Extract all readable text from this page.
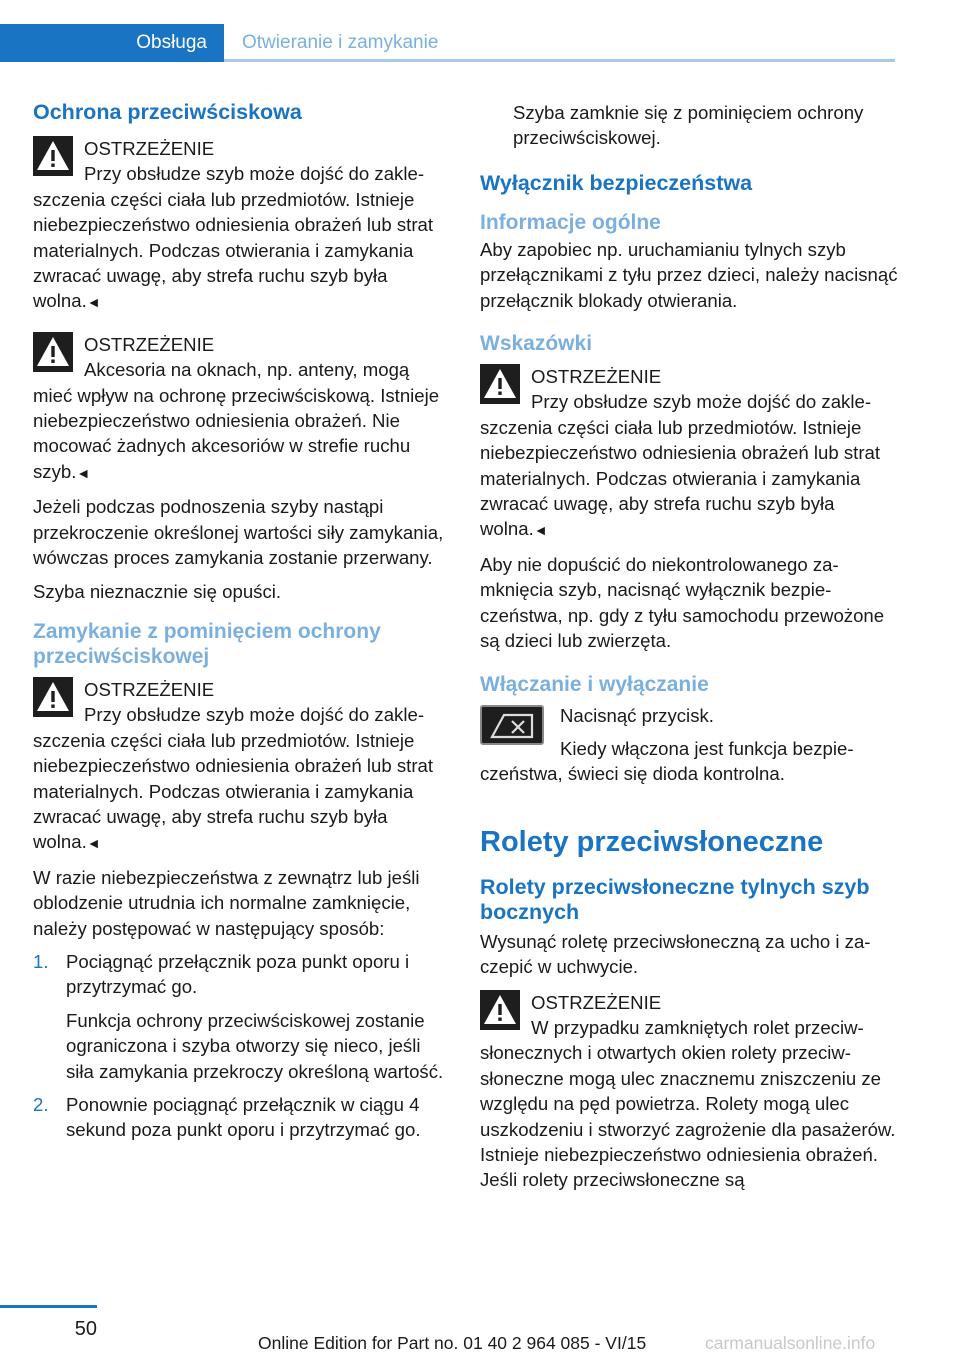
Obsługa	Otwieranie i zamykanie
Ochrona przeciwściskowa
OSTRZEŻENIE
Przy obsłudze szyb może dojść do zakleszczenia części ciała lub przedmiotów. Istnieje niebezpieczeństwo odniesienia obrażeń lub strat materialnych. Podczas otwierania i zamykania zwracać uwagę, aby strefa ruchu szyb była wolna.◄
OSTRZEŻENIE
Akcesoria na oknach, np. anteny, mogą mieć wpływ na ochronę przeciwściskową. Istnieje niebezpieczeństwo odniesienia obrażeń. Nie mocować żadnych akcesoriów w strefie ruchu szyb.◄

Jeżeli podczas podnoszenia szyby nastąpi przekroczenie określonej wartości siły zamykania, wówczas proces zamykania zostanie przerwany.

Szyba nieznacznie się opuści.

Zamykanie z pominięciem ochrony przeciwściskowej
OSTRZEŻENIE
Przy obsłudze szyb może dojść do zakleszczenia części ciała lub przedmiotów. Istnieje niebezpieczeństwo odniesienia obrażeń lub strat materialnych. Podczas otwierania i zamykania zwracać uwagę, aby strefa ruchu szyb była wolna.◄

W razie niebezpieczeństwa z zewnątrz lub jeśli oblodzenie utrudnia ich normalne zamknięcie, należy postępować w następujący sposób:

1. Pociągnąć przełącznik poza punkt oporu i przytrzymać go.

Funkcja ochrony przeciwściskowej zostanie ograniczona i szyba otworzy się nieco, jeśli siła zamykania przekroczy określoną wartość.

2. Ponownie pociągnąć przełącznik w ciągu 4 sekund poza punkt oporu i przytrzymać go.

Szyba zamknie się z pominięciem ochrony przeciwściskowej.

Wyłącznik bezpieczeństwa
Informacje ogólne

Aby zapobiec np. uruchamianiu tylnych szyb przełącznikami z tyłu przez dzieci, należy nacisnąć przełącznik blokady otwierania.

Wskazówki
OSTRZEŻENIE
Przy obsłudze szyb może dojść do zakleszczenia części ciała lub przedmiotów. Istnieje niebezpieczeństwo odniesienia obrażeń lub strat materialnych. Podczas otwierania i zamykania zwracać uwagę, aby strefa ruchu szyb była wolna.◄

Aby nie dopuścić do niekontrolowanego zamknięcia szyb, nacisnąć wyłącznik bezpieczeństwa, np. gdy z tyłu samochodu przewożone są dzieci lub zwierzęta.

Włączanie i wyłączanie

Nacisnąć przycisk.

Kiedy włączona jest funkcja bezpieczeństwa, świeci się dioda kontrolna.

Rolety przeciwsłoneczne
Rolety przeciwsłoneczne tylnych szyb bocznych

Wysunąć roletę przeciwsłoneczną za ucho i zaczepić w uchwycie.

OSTRZEŻENIE
W przypadku zamkniętych rolet przeciwsłonecznych i otwartych okien rolety przeciwsłoneczne mogą ulec znacznemu zniszczeniu ze względu na pęd powietrza. Rolety mogą ulec uszkodzeniu i stworzyć zagrożenie dla pasażerów. Istnieje niebezpieczeństwo odniesienia obrażeń. Jeśli rolety przeciwsłoneczne są
50
Online Edition for Part no. 01 40 2 964 085 - VI/15	carmanualsonline.info
